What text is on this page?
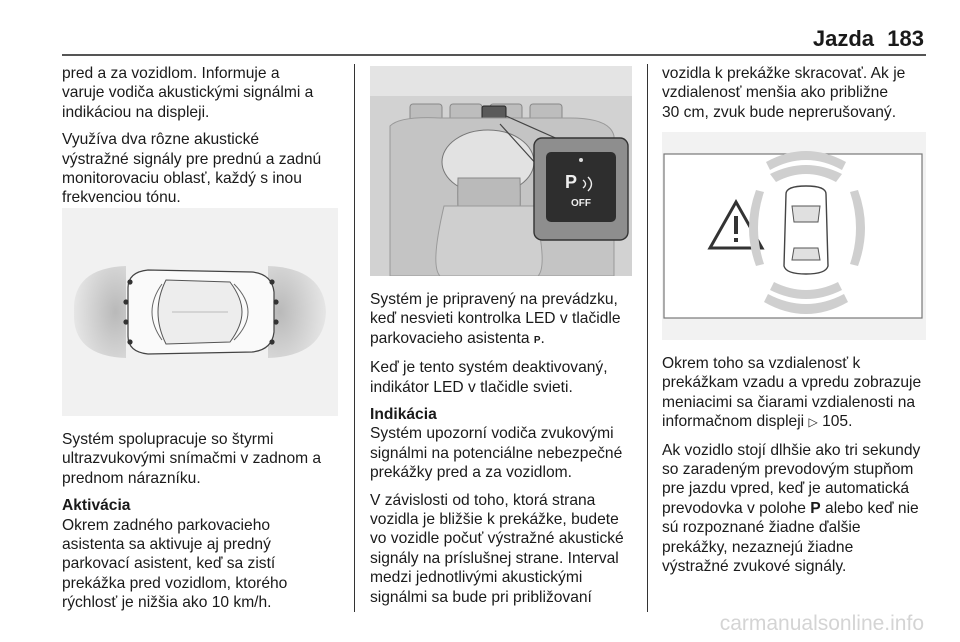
Jazda 183

pred a za vozidlom. Informuje a
varuje vodiča akustickými signálmi a
indikáciou na displeji.

Využíva dva rôzne akustické
výstražné signály pre prednú a zadnú
monitorovaciu oblasť, každý s inou
frekvenciou tónu.

Systém spolupracuje so štyrmi
ultrazvukovými snímačmi v zadnom a
prednom nárazníku.

Aktivácia

Okrem zadného parkovacieho
asistenta sa aktivuje aj predný
parkovací asistent, keď sa zistí
prekážka pred vozidlom, ktorého
rýchlosť je nižšia ako 10 km/h.

P
OFF

Systém je pripravený na prevádzku,
keď nesvieti kontrolka LED v tlačidle
parkovacieho asistenta P.

Keď je tento systém deaktivovaný,
indikátor LED v tlačidle svieti.

Indikácia

Systém upozorní vodiča zvukovými
signálmi na potenciálne nebezpečné
prekážky pred a za vozidlom.

V závislosti od toho, ktorá strana
vozidla je bližšie k prekážke, budete
vo vozidle počuť výstražné akustické
signály na príslušnej strane. Interval
medzi jednotlivými akustickými
signálmi sa bude pri približovaní

vozidla k prekážke skracovať. Ak je
vzdialenosť menšia ako približne
30 cm, zvuk bude neprerušovaný.

Okrem toho sa vzdialenosť k
prekážkam vzadu a vpredu zobrazuje
meniacimi sa čiarami vzdialenosti na
informačnom displeji ▷ 105.

Ak vozidlo stojí dlhšie ako tri sekundy
so zaradeným prevodovým stupňom
pre jazdu vpred, keď je automatická
prevodovka v polohe P alebo keď nie
sú rozpoznané žiadne ďalšie
prekážky, nezaznejú žiadne
výstražné zvukové signály.

carmanualsonline.info
